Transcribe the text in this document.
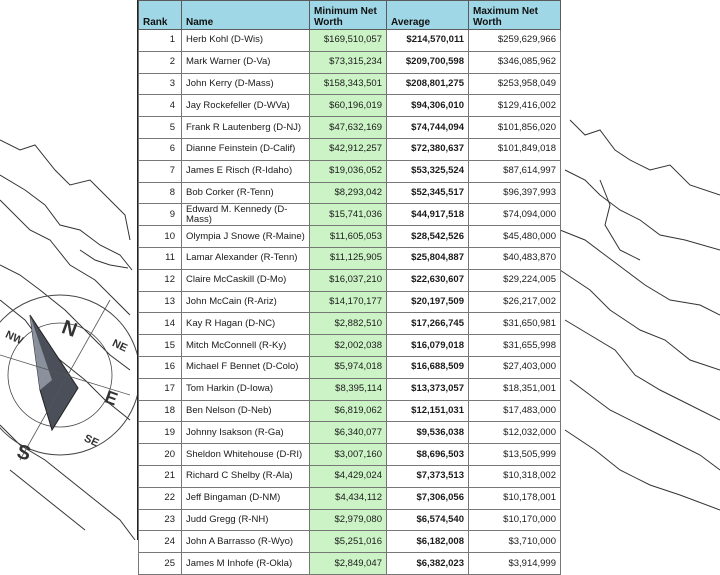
N
S
E
NW	NE
SE
Rank	Name	Minimum Net Worth	Average	Maximum Net Worth
1	Herb Kohl (D-Wis)	$169,510,057	$214,570,011	$259,629,966
2	Mark Warner (D-Va)	$73,315,234	$209,700,598	$346,085,962
3	John Kerry (D-Mass)	$158,343,501	$208,801,275	$253,958,049
4	Jay Rockefeller (D-WVa)	$60,196,019	$94,306,010	$129,416,002
5	Frank R Lautenberg (D-NJ)	$47,632,169	$74,744,094	$101,856,020
6	Dianne Feinstein (D-Calif)	$42,912,257	$72,380,637	$101,849,018
7	James E Risch (R-Idaho)	$19,036,052	$53,325,524	$87,614,997
8	Bob Corker (R-Tenn)	$8,293,042	$52,345,517	$96,397,993
9	Edward M. Kennedy (D-Mass)	$15,741,036	$44,917,518	$74,094,000
10	Olympia J Snowe (R-Maine)	$11,605,053	$28,542,526	$45,480,000
11	Lamar Alexander (R-Tenn)	$11,125,905	$25,804,887	$40,483,870
12	Claire McCaskill (D-Mo)	$16,037,210	$22,630,607	$29,224,005
13	John McCain (R-Ariz)	$14,170,177	$20,197,509	$26,217,002
14	Kay R Hagan (D-NC)	$2,882,510	$17,266,745	$31,650,981
15	Mitch McConnell (R-Ky)	$2,002,038	$16,079,018	$31,655,998
16	Michael F Bennet (D-Colo)	$5,974,018	$16,688,509	$27,403,000
17	Tom Harkin (D-Iowa)	$8,395,114	$13,373,057	$18,351,001
18	Ben Nelson (D-Neb)	$6,819,062	$12,151,031	$17,483,000
19	Johnny Isakson (R-Ga)	$6,340,077	$9,536,038	$12,032,000
20	Sheldon Whitehouse (D-RI)	$3,007,160	$8,696,503	$13,505,999
21	Richard C Shelby (R-Ala)	$4,429,024	$7,373,513	$10,318,002
22	Jeff Bingaman (D-NM)	$4,434,112	$7,306,056	$10,178,001
23	Judd Gregg (R-NH)	$2,979,080	$6,574,540	$10,170,000
24	John A Barrasso (R-Wyo)	$5,251,016	$6,182,008	$3,710,000
25	James M Inhofe (R-Okla)	$2,849,047	$6,382,023	$3,914,999
